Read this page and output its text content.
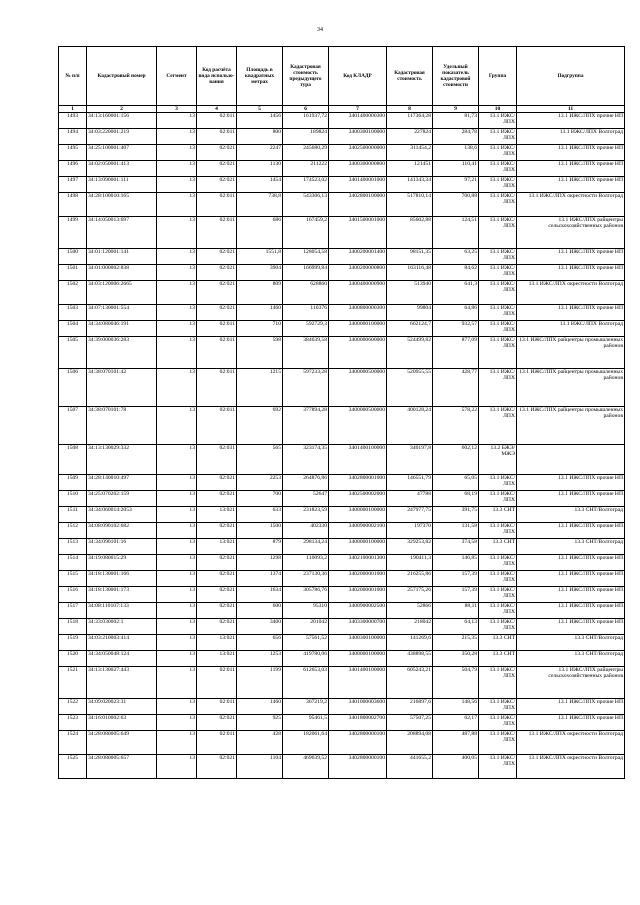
34
№ п/п	Кадастровый номер	Сегмент	Код расчёта вида использо-вания	Площадь в квадратных метрах	Кадастровая стоимость предыдущего тура	Код КЛАДР	Кадастровая стоимость	Удельный показатель кадастровой стоимости	Группа	Подгруппа
1	2	3	4	5	6	7	8	9	10	11
1493	34:13:160001:156	13	02:011	1456	161937,72	3401400000300	117364,28	81,73	13.1 ИЖС/ЛПХ	13.1 ИЖС/ЛПХ прочие НП
1494	34:03:220001:219	13	02:011	800	189824	3400300100000	227824	284,78	13.1 ИЖС/ЛПХ	13.1 ИЖС/ЛПХ Волгоград
1495	34:25:100001:407	13	02:021	2247	245680,29	3402500000000	311454,2	138,6	13.1 ИЖС/ЛПХ	13.1 ИЖС/ЛПХ прочие НП
1496	34:02:050001:413	13	02:021	1130	211222	3400300000800	121451	110,41	13.1 ИЖС/ЛПХ	13.1 ИЖС/ЛПХ прочие НП
1497	34:13:090001:111	13	02:021	1454	174523,02	3401400001000	141343,34	97,21	13.1 ИЖС/ЛПХ	13.1 ИЖС/ЛПХ прочие НП
1498	34:28:100010:165	13	02:011	738,8	543306,13	3402800100000	517810,14	700,88	13.1 ИЖС/ЛПХ	13.1 ИЖС/ЛПХ окрестности Волгоград
1499	34:14:050013:697	13	02:011	686	167459,2	3401500001000	85602,88	124,51	13.1 ИЖС/ЛПХ	13.1 ИЖС/ЛПХ райцентры сельскохозяйственных районов
1500	34:01:120001:141	13	02:021	1551,8	128054,58	3400200001400	98151,35	63,25	13.1 ИЖС/ЛПХ	13.1 ИЖС/ЛПХ прочие НП
1501	34:01:000002:838	13	02:021	3904	166999,84	3400200000800	163116,48	84,62	13.1 ИЖС/ЛПХ	13.1 ИЖС/ЛПХ прочие НП
1502	34:03:120006:2665	13	02:021	809	628860	3400400000900	513940	641,3	13.1 ИЖС/ЛПХ	13.1 ИЖС/ЛПХ окрестности Волгоград
1503	34:07:130001:554	13	02:021	1460	110376	3400800000300	99804	64,86	13.1 ИЖС/ЛПХ	13.1 ИЖС/ЛПХ прочие НП
1504	34:34:080046:191	13	02:011	710	592729,3	3400000100000	662124,7	932,57	13.1 ИЖС/ЛПХ	13.1 ИЖС/ЛПХ Волгоград
1505	34:39:000036:283	13	02:011	598	384639,58	3400000600000	524499,82	877,09	13.1 ИЖС/ЛПХ	13.1 ИЖС/ЛПХ райцентры промышленных районов
1506	34:38:070101:42	13	02:011	1215	597233,28	3400000500000	520955,55	428,77	13.1 ИЖС/ЛПХ	13.1 ИЖС/ЛПХ райцентры промышленных районов
1507	34:38:070101:78	13	02:011	692	377894,28	3400000500000	400128,24	578,22	13.1 ИЖС/ЛПХ	13.1 ИЖС/ЛПХ райцентры промышленных районов
1508	34:13:130029:332	13	02:031	565	323174,35	3401400100000	340197,8	602,12	13.2 БЖЭ/МЖЭ	
1509	34:28:140010:497	13	02:021	2253	264876,86	3402800001000	146551,79	65,05	13.1 ИЖС/ЛПХ	13.1 ИЖС/ЛПХ прочие НП
1510	34:25:070202:159	13	02:021	700	52647	3402500002000	47788	68,19	13.1 ИЖС/ЛПХ	13.1 ИЖС/ЛПХ прочие НП
1511	34:34:060014:2053	13	13:021	633	231823,59	3400000100000	247977,75	391,75	13.3 СНТ	13.3 СНТ/Волгоград
1512	34:08:090102:682	13	02:021	1500	402330	3400900002100	197370	131,58	13.1 ИЖС/ЛПХ	13.1 ИЖС/ЛПХ прочие НП
1513	34:34:090101:16	13	13:021	879	298134,24	3400000100000	329253,82	374,58	13.3 СНТ	13.3 СНТ/Волгоград
1514	34:19:080015:29	13	02:021	1298	110093,2	3402100001300	190411,3	146,85	13.1 ИЖС/ЛПХ	13.1 ИЖС/ЛПХ прочие НП
1515	34:18:130001:166	13	02:021	1374	237130,36	3402000001000	216255,86	157,39	13.1 ИЖС/ЛПХ	13.1 ИЖС/ЛПХ прочие НП
1516	34:18:130001:173	13	02:021	1634	305786,76	3402000001000	257175,26	157,39	13.1 ИЖС/ЛПХ	13.1 ИЖС/ЛПХ прочие НП
1517	34:08:110107:133	13	02:021	600	95310	3400900002500	52866	88,11	13.1 ИЖС/ЛПХ	13.1 ИЖС/ЛПХ прочие НП
1518	34:33:030002:1	13	02:021	3400	201042	3403300000700	218042	64,13	13.1 ИЖС/ЛПХ	13.1 ИЖС/ЛПХ прочие НП
1519	34:03:210003:414	13	13:021	656	57561,52	3400300100000	141269,6	215,35	13.3 СНТ	13.3 СНТ/Волгоград
1520	34:34:050048:124	13	13:021	1253	419780,06	3400000100000	438898,55	350,28	13.3 СНТ	13.3 СНТ/Волгоград
1521	34:13:130027:443	13	02:011	1199	612653,03	3401400100000	605243,21	504,79	13.1 ИЖС/ЛПХ	13.1 ИЖС/ЛПХ райцентры сельскохозяйственных районов
1522	34:09:020023:31	13	02:011	1460	367219,2	3401000003600	216897,6	148,56	13.1 ИЖС/ЛПХ	13.1 ИЖС/ЛПХ прочие НП
1523	34:16:010002:63	13	02:021	925	95461,5	3401800002700	57507,25	62,17	13.1 ИЖС/ЛПХ	13.1 ИЖС/ЛПХ прочие НП
1524	34:28:080005:649	13	02:011	428	182061,64	3402800000100	208894,08	487,88	13.1 ИЖС/ЛПХ	13.1 ИЖС/ЛПХ окрестности Волгоград
1525	34:28:080005:657	13	02:021	1104	469639,52	3402800000100	441655,2	400,05	13.1 ИЖС/ЛПХ	13.1 ИЖС/ЛПХ окрестности Волгоград
